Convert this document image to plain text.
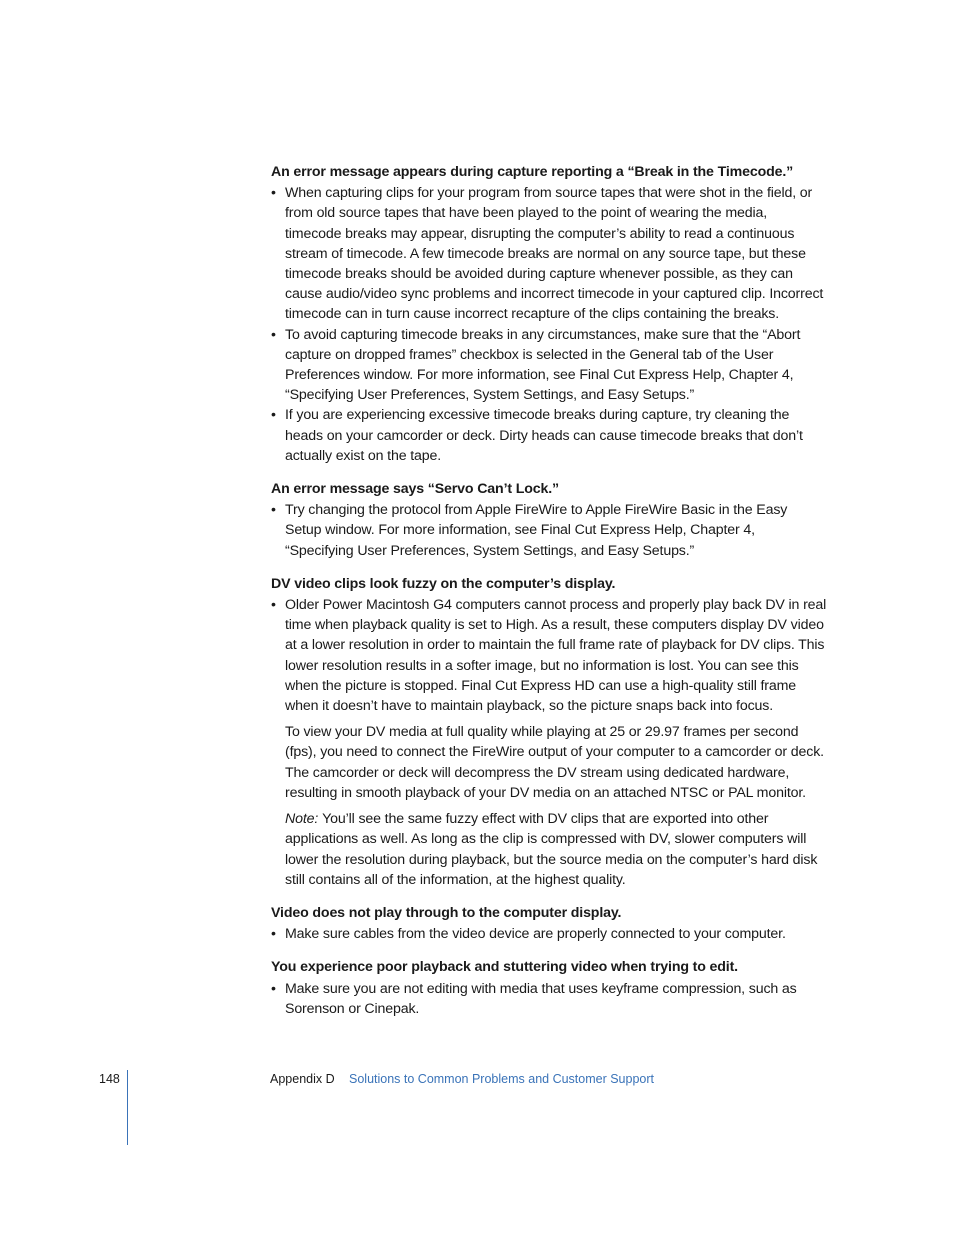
An error message appears during capture reporting a “Break in the Timecode.”
• When capturing clips for your program from source tapes that were shot in the field, or from old source tapes that have been played to the point of wearing the media, timecode breaks may appear, disrupting the computer’s ability to read a continuous stream of timecode. A few timecode breaks are normal on any source tape, but these timecode breaks should be avoided during capture whenever possible, as they can cause audio/video sync problems and incorrect timecode in your captured clip. Incorrect timecode can in turn cause incorrect recapture of the clips containing the breaks.
• To avoid capturing timecode breaks in any circumstances, make sure that the “Abort capture on dropped frames” checkbox is selected in the General tab of the User Preferences window. For more information, see Final Cut Express Help, Chapter 4, “Specifying User Preferences, System Settings, and Easy Setups.”
• If you are experiencing excessive timecode breaks during capture, try cleaning the heads on your camcorder or deck. Dirty heads can cause timecode breaks that don’t actually exist on the tape.
An error message says “Servo Can’t Lock.”
• Try changing the protocol from Apple FireWire to Apple FireWire Basic in the Easy Setup window. For more information, see Final Cut Express Help, Chapter 4, “Specifying User Preferences, System Settings, and Easy Setups.”
DV video clips look fuzzy on the computer’s display.
• Older Power Macintosh G4 computers cannot process and properly play back DV in real time when playback quality is set to High. As a result, these computers display DV video at a lower resolution in order to maintain the full frame rate of playback for DV clips. This lower resolution results in a softer image, but no information is lost. You can see this when the picture is stopped. Final Cut Express HD can use a high-quality still frame when it doesn’t have to maintain playback, so the picture snaps back into focus.
To view your DV media at full quality while playing at 25 or 29.97 frames per second (fps), you need to connect the FireWire output of your computer to a camcorder or deck. The camcorder or deck will decompress the DV stream using dedicated hardware, resulting in smooth playback of your DV media on an attached NTSC or PAL monitor.
Note: You’ll see the same fuzzy effect with DV clips that are exported into other applications as well. As long as the clip is compressed with DV, slower computers will lower the resolution during playback, but the source media on the computer’s hard disk still contains all of the information, at the highest quality.
Video does not play through to the computer display.
• Make sure cables from the video device are properly connected to your computer.
You experience poor playback and stuttering video when trying to edit.
• Make sure you are not editing with media that uses keyframe compression, such as Sorenson or Cinepak.
148	Appendix D Solutions to Common Problems and Customer Support
